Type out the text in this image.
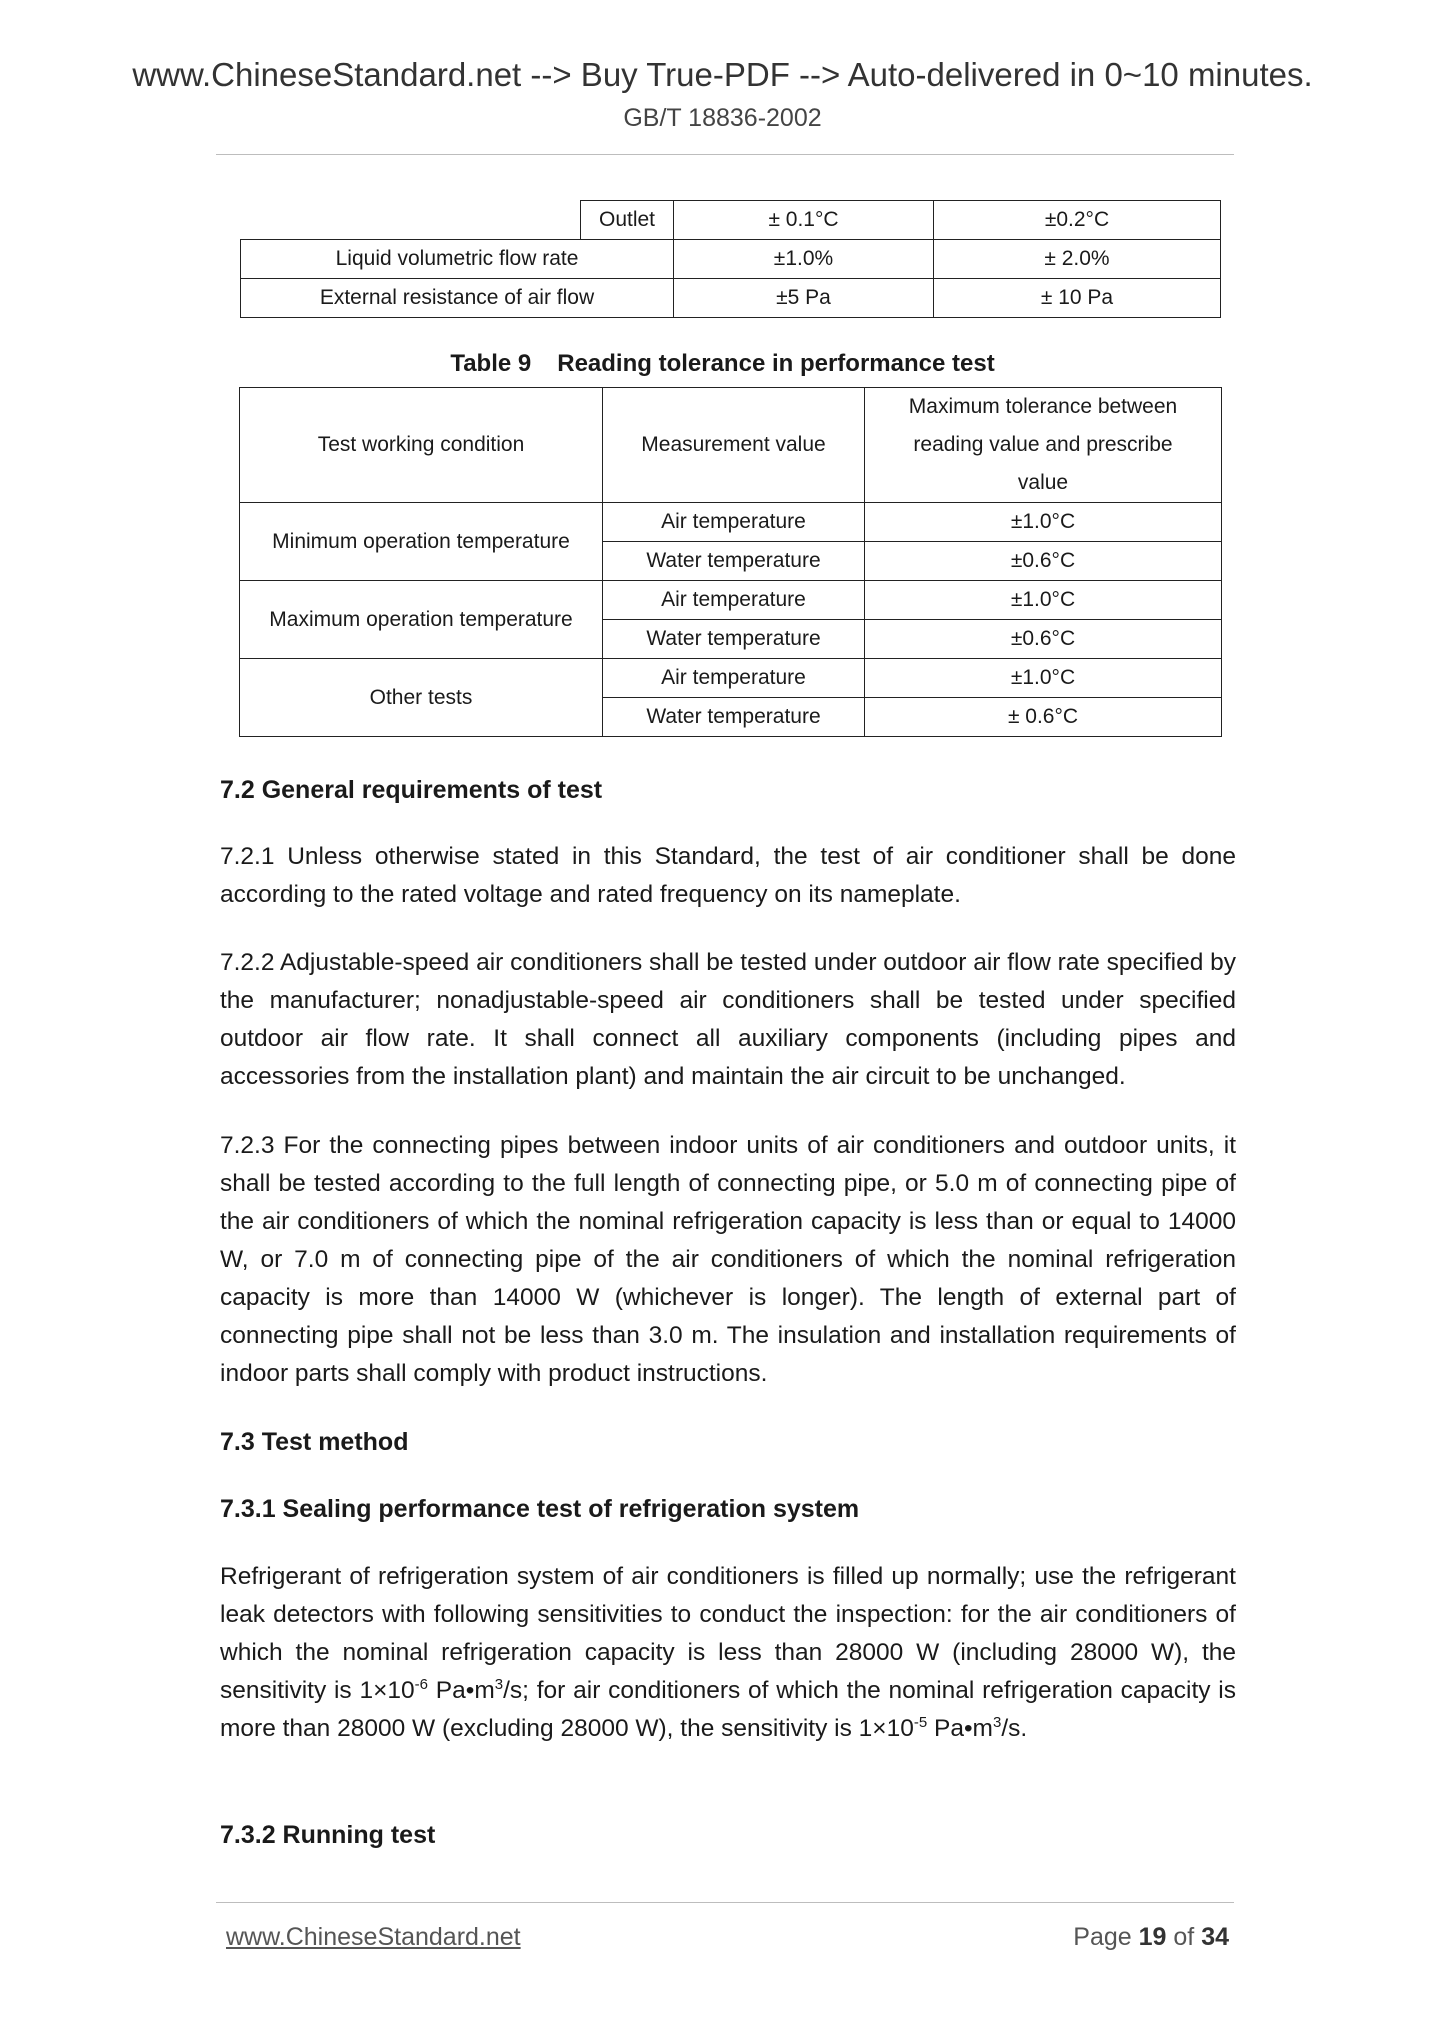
www.ChineseStandard.net --> Buy True-PDF --> Auto-delivered in 0~10 minutes.
GB/T 18836-2002
	Outlet	± 0.1°C	±0.2°C
Liquid volumetric flow rate		±1.0%	± 2.0%
External resistance of air flow		±5 Pa	± 10 Pa
Table 9 Reading tolerance in performance test
Test working condition	Measurement value	Maximum tolerance between reading value and prescribe value
Minimum operation temperature	Air temperature	±1.0°C
	Water temperature	±0.6°C
Maximum operation temperature	Air temperature	±1.0°C
	Water temperature	±0.6°C
Other tests	Air temperature	±1.0°C
	Water temperature	± 0.6°C
7.2 General requirements of test

7.2.1 Unless otherwise stated in this Standard, the test of air conditioner shall be done according to the rated voltage and rated frequency on its nameplate.

7.2.2 Adjustable-speed air conditioners shall be tested under outdoor air flow rate specified by the manufacturer; nonadjustable-speed air conditioners shall be tested under specified outdoor air flow rate. It shall connect all auxiliary components (including pipes and accessories from the installation plant) and maintain the air circuit to be unchanged.

7.2.3 For the connecting pipes between indoor units of air conditioners and outdoor units, it shall be tested according to the full length of connecting pipe, or 5.0 m of connecting pipe of the air conditioners of which the nominal refrigeration capacity is less than or equal to 14000 W, or 7.0 m of connecting pipe of the air conditioners of which the nominal refrigeration capacity is more than 14000 W (whichever is longer). The length of external part of connecting pipe shall not be less than 3.0 m. The insulation and installation requirements of indoor parts shall comply with product instructions.

7.3 Test method
7.3.1 Sealing performance test of refrigeration system

Refrigerant of refrigeration system of air conditioners is filled up normally; use the refrigerant leak detectors with following sensitivities to conduct the inspection: for the air conditioners of which the nominal refrigeration capacity is less than 28000 W (including 28000 W), the sensitivity is $1\times 10^{-6}$ $Pa•m^3/s$; for air conditioners of which the nominal refrigeration capacity is more than 28000 W (excluding 28000 W), the sensitivity is $1\times 10^{-5}$ $Pa•m^3/s$.

7.3.2 Running test
www.ChineseStandard.net	Page 19 of 34
